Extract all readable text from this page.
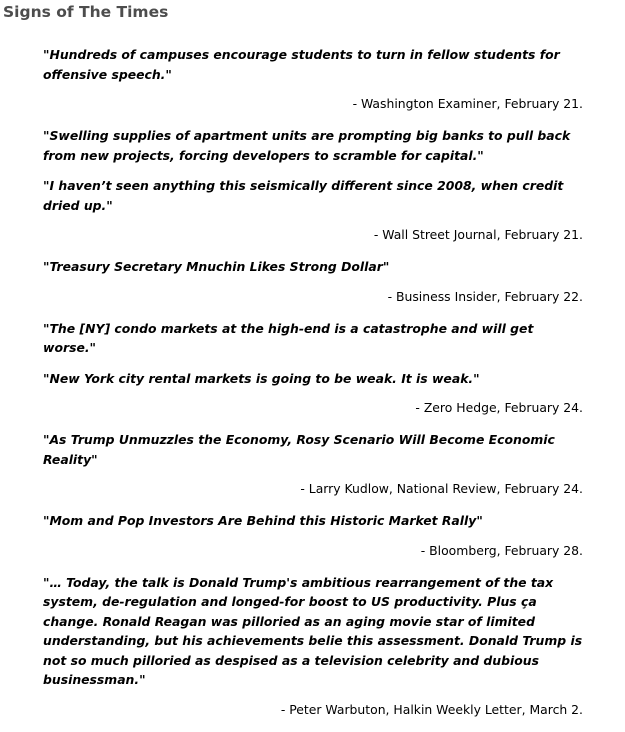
Signs of The Times

"Hundreds of campuses encourage students to turn in fellow students for offensive speech."

- Washington Examiner, February 21.

"Swelling supplies of apartment units are prompting big banks to pull back from new projects, forcing developers to scramble for capital."

"I haven’t seen anything this seismically different since 2008, when credit dried up."

- Wall Street Journal, February 21.

"Treasury Secretary Mnuchin Likes Strong Dollar"

- Business Insider, February 22.

"The [NY] condo markets at the high-end is a catastrophe and will get worse."

"New York city rental markets is going to be weak. It is weak."

- Zero Hedge, February 24.

"As Trump Unmuzzles the Economy, Rosy Scenario Will Become Economic Reality"

- Larry Kudlow, National Review, February 24.

"Mom and Pop Investors Are Behind this Historic Market Rally"

- Bloomberg, February 28.

"… Today, the talk is Donald Trump's ambitious rearrangement of the tax system, de-regulation and longed-for boost to US productivity. Plus ça change. Ronald Reagan was pilloried as an aging movie star of limited understanding, but his achievements belie this assessment. Donald Trump is not so much pilloried as despised as a television celebrity and dubious businessman."

- Peter Warbuton, Halkin Weekly Letter, March 2.
